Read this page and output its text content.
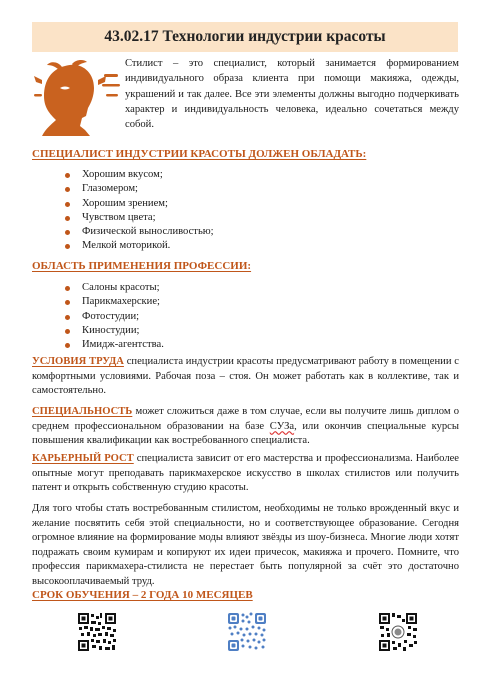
43.02.17 Технологии индустрии красоты
Стилист – это специалист, который занимается формированием индивидуального образа клиента при помощи макияжа, одежды, украшений и так далее. Все эти элементы должны выгодно подчеркивать характер и индивидуальность человека, идеально сочетаться между собой.
СПЕЦИАЛИСТ ИНДУСТРИИ КРАСОТЫ ДОЛЖЕН ОБЛАДАТЬ:
Хорошим вкусом;
Глазомером;
Хорошим зрением;
Чувством цвета;
Физической выносливостью;
Мелкой моторикой.
ОБЛАСТЬ ПРИМЕНЕНИЯ ПРОФЕССИИ:
Салоны красоты;
Парикмахерские;
Фотостудии;
Киностудии;
Имидж-агентства.
УСЛОВИЯ ТРУДА специалиста индустрии красоты предусматривают работу в помещении с комфортными условиями. Рабочая поза – стоя. Он может работать как в коллективе, так и самостоятельно.
СПЕЦИАЛЬНОСТЬ может сложиться даже в том случае, если вы получите лишь диплом о среднем профессиональном образовании на базе СУЗа, или окончив специальные курсы повышения квалификации как востребованного специалиста.
КАРЬЕРНЫЙ РОСТ специалиста зависит от его мастерства и профессионализма. Наиболее опытные могут преподавать парикмахерское искусство в школах стилистов или получить патент и открыть собственную студию красоты.
Для того чтобы стать востребованным стилистом, необходимы не только врожденный вкус и желание посвятить себя этой специальности, но и соответствующее образование. Сегодня огромное влияние на формирование моды влияют звёзды из шоу-бизнеса. Многие люди хотят подражать своим кумирам и копируют их идеи причесок, макияжа и прочего. Помните, что профессия парикмахера-стилиста не перестает быть популярной за счёт это достаточно высокооплачиваемый труд.
СРОК ОБУЧЕНИЯ – 2 ГОДА 10 МЕСЯЦЕВ
